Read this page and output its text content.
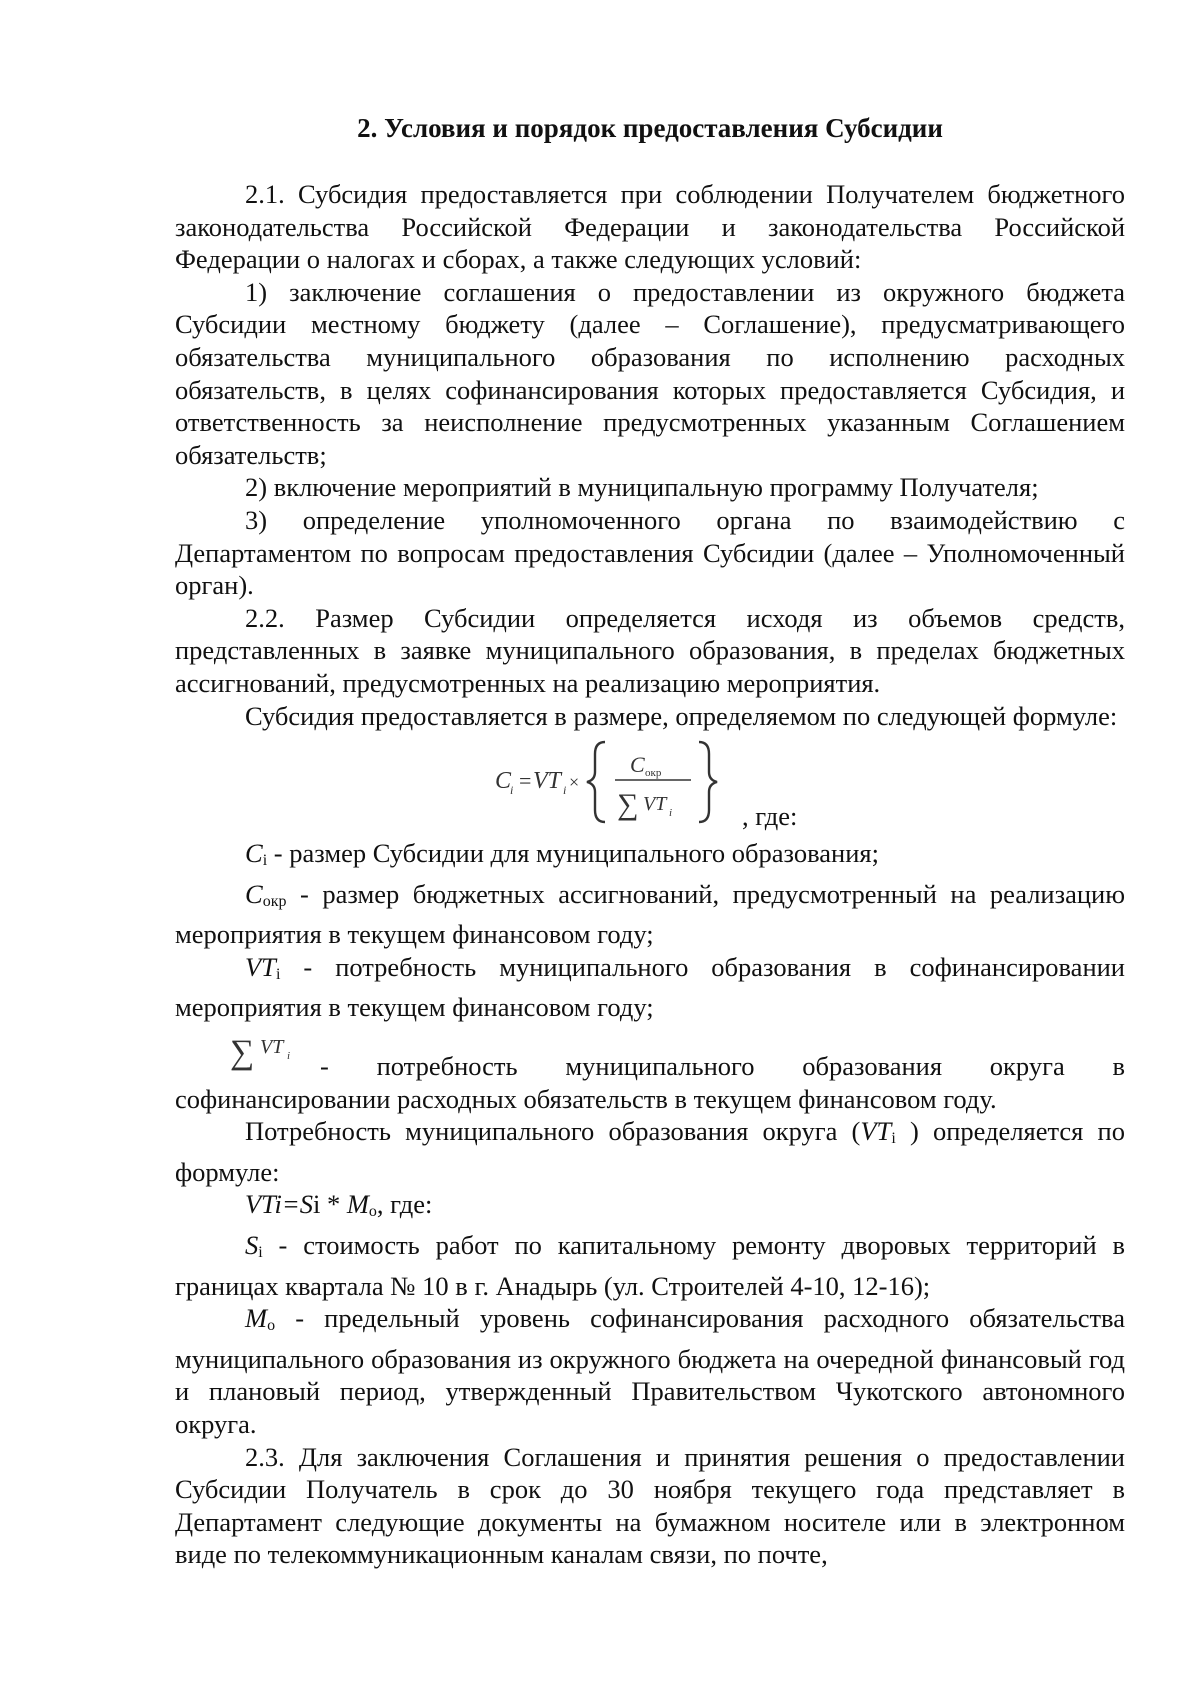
2. Условия и порядок предоставления Субсидии

2.1. Субсидия предоставляется при соблюдении Получателем бюджетного законодательства Российской Федерации и законодательства Российской Федерации о налогах и сборах, а также следующих условий:

1) заключение соглашения о предоставлении из окружного бюджета Субсидии местному бюджету (далее – Соглашение), предусматривающего обязательства муниципального образования по исполнению расходных обязательств, в целях софинансирования которых предоставляется Субсидия, и ответственность за неисполнение предусмотренных указанным Соглашением обязательств;

2) включение мероприятий в муниципальную программу Получателя;

3) определение уполномоченного органа по взаимодействию с Департаментом по вопросам предоставления Субсидии (далее – Уполномоченный орган).

2.2. Размер Субсидии определяется исходя из объемов средств, представленных в заявке муниципального образования, в пределах бюджетных ассигнований, предусмотренных на реализацию мероприятия.

Субсидия предоставляется в размере, определяемом по следующей формуле:

C
i = VT i ×
C окр
∑ VT i	, где:

Ci - размер Субсидии для муниципального образования;

Cокр - размер бюджетных ассигнований, предусмотренный на реализацию мероприятия в текущем финансовом году;

VTi - потребность муниципального образования в софинансировании мероприятия в текущем финансовом году;

∑ VT i	- потребность муниципального образования округа в софинансировании расходных обязательств в текущем финансовом году.

Потребность муниципального образования округа (VTi ) определяется по формуле:

VTi=Si * Mо, где:

Si - стоимость работ по капитальному ремонту дворовых территорий в границах квартала № 10 в г. Анадырь (ул. Строителей 4-10, 12-16);

Mо - предельный уровень софинансирования расходного обязательства муниципального образования из окружного бюджета на очередной финансовый год и плановый период, утвержденный Правительством Чукотского автономного округа.

2.3. Для заключения Соглашения и принятия решения о предоставлении Субсидии Получатель в срок до 30 ноября текущего года представляет в Департамент следующие документы на бумажном носителе или в электронном виде по телекоммуникационным каналам связи, по почте,
